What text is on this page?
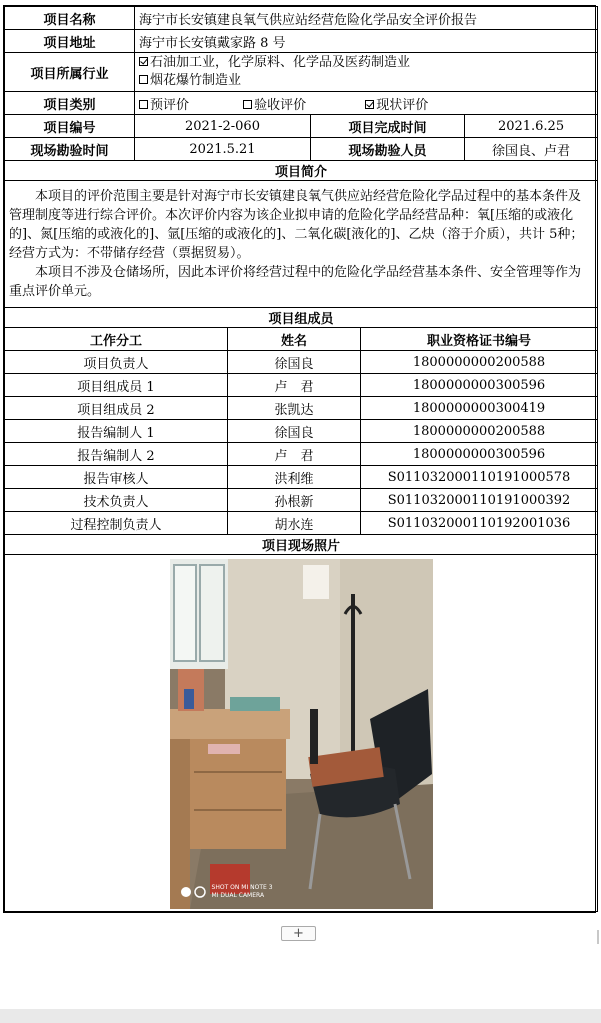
项目名称	海宁市长安镇建良氧气供应站经营危险化学品安全评价报告				
项目地址	海宁市长安镇戴家路 8 号				
项目所属行业	石油加工业，化学原料、化学品及医药制造业
烟花爆竹制造业				

项目类别	预评价 验收评价 现状评价				
项目编号	2021-2-060		项目完成时间		2021.6.25
现场勘验时间	2021.5.21		现场勘验人员		徐国良、卢君
项目简介					

本项目的评价范围主要是针对海宁市长安镇建良氧气供应站经营危险化学品过程中的基本条件及管理制度等进行综合评价。本次评价内容为该企业拟申请的危险化学品经营品种：氧[压缩的或液化的]、氮[压缩的或液化的]、氩[压缩的或液化的]、二氧化碳[液化的]、乙炔（溶于介质），共计 5种；经营方式为：不带储存经营（票据贸易）。

本项目不涉及仓储场所，因此本评价将经营过程中的危险化学品经营基本条件、安全管理等作为重点评价单元。					

项目组成员					
工作分工		姓名		职业资格证书编号	
项目负责人		徐国良		1800000000200588	
项目组成员 1		卢　君		1800000000300596	
项目组成员 2		张凯达		1800000000300419	
报告编制人 1		徐国良		1800000000200588	
报告编制人 2		卢　君		1800000000300596	
报告审核人		洪利维		S011032000110191000578	
技术负责人		孙根新		S011032000110191000392	
过程控制负责人		胡水连		S011032000110192001036	
项目现场照片					

SHOT ON MI NOTE 3
MI DUAL CAMERA					
+
